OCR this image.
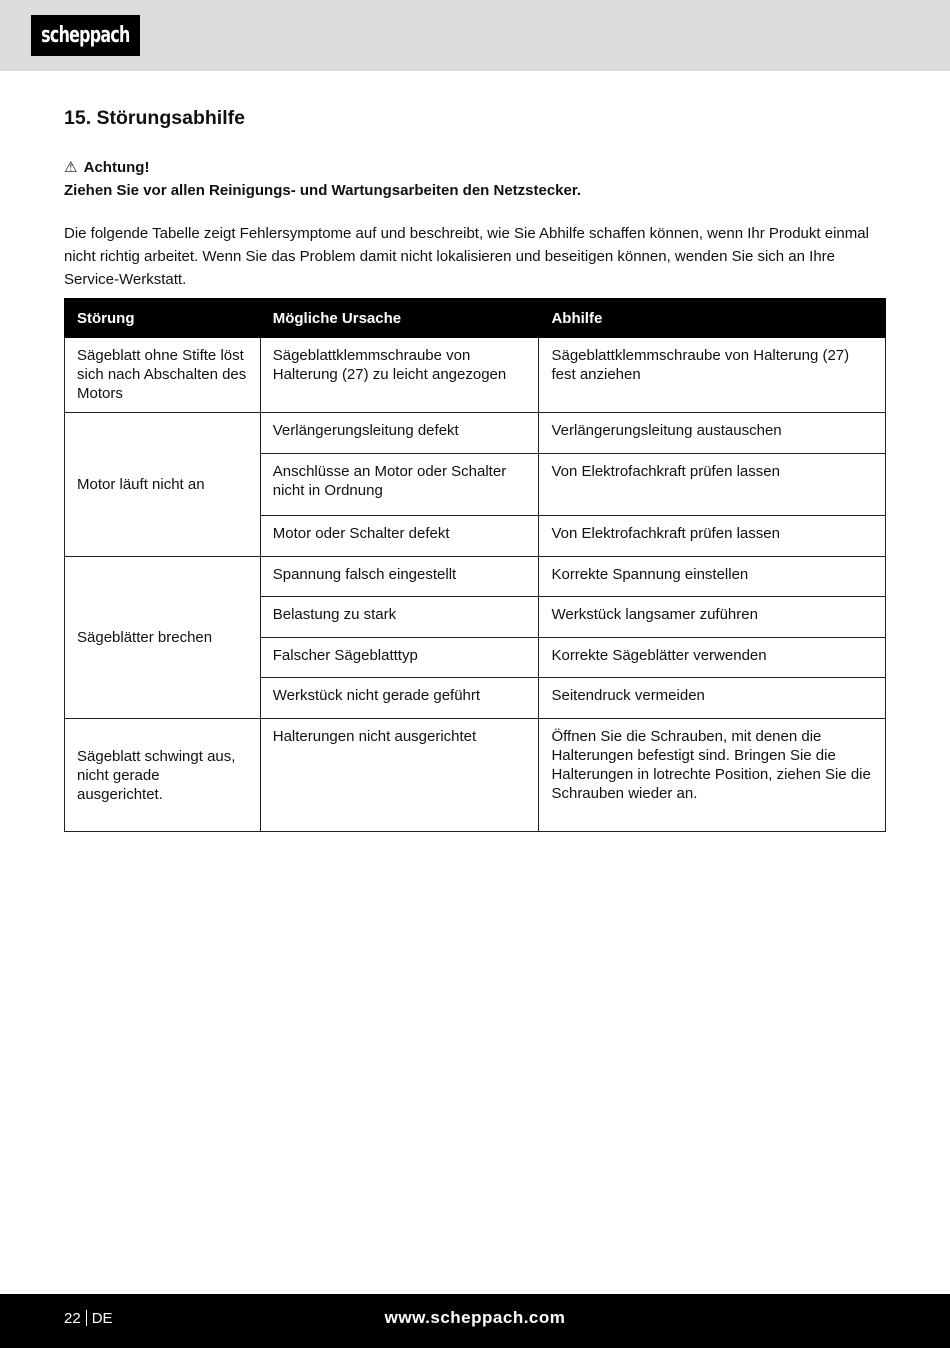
scheppach
15. Störungsabhilfe
⚠ Achtung!
Ziehen Sie vor allen Reinigungs- und Wartungsarbeiten den Netzstecker.

Die folgende Tabelle zeigt Fehlersymptome auf und beschreibt, wie Sie Abhilfe schaffen können, wenn Ihr Produkt einmal nicht richtig arbeitet. Wenn Sie das Problem damit nicht lokalisieren und beseitigen können, wenden Sie sich an Ihre Service-Werkstatt.

Störung	Mögliche Ursache	Abhilfe
Sägeblatt ohne Stifte löst sich nach Abschalten des Motors	Sägeblattklemmschraube von Halterung (27) zu leicht angezogen	Sägeblattklemmschraube von Halterung (27) fest anziehen
Motor läuft nicht an	Verlängerungsleitung defekt	Verlängerungsleitung austauschen
	Anschlüsse an Motor oder Schalter nicht in Ordnung	Von Elektrofachkraft prüfen lassen
	Motor oder Schalter defekt	Von Elektrofachkraft prüfen lassen
Sägeblätter brechen	Spannung falsch eingestellt	Korrekte Spannung einstellen
	Belastung zu stark	Werkstück langsamer zuführen
	Falscher Sägeblatttyp	Korrekte Sägeblätter verwenden
	Werkstück nicht gerade geführt	Seitendruck vermeiden
Sägeblatt schwingt aus, nicht gerade ausgerichtet.	Halterungen nicht ausgerichtet	Öffnen Sie die Schrauben, mit denen die Halterungen befestigt sind. Bringen Sie die Halterungen in lotrechte Position, ziehen Sie die Schrauben wieder an.
22 DE	www.scheppach.com
